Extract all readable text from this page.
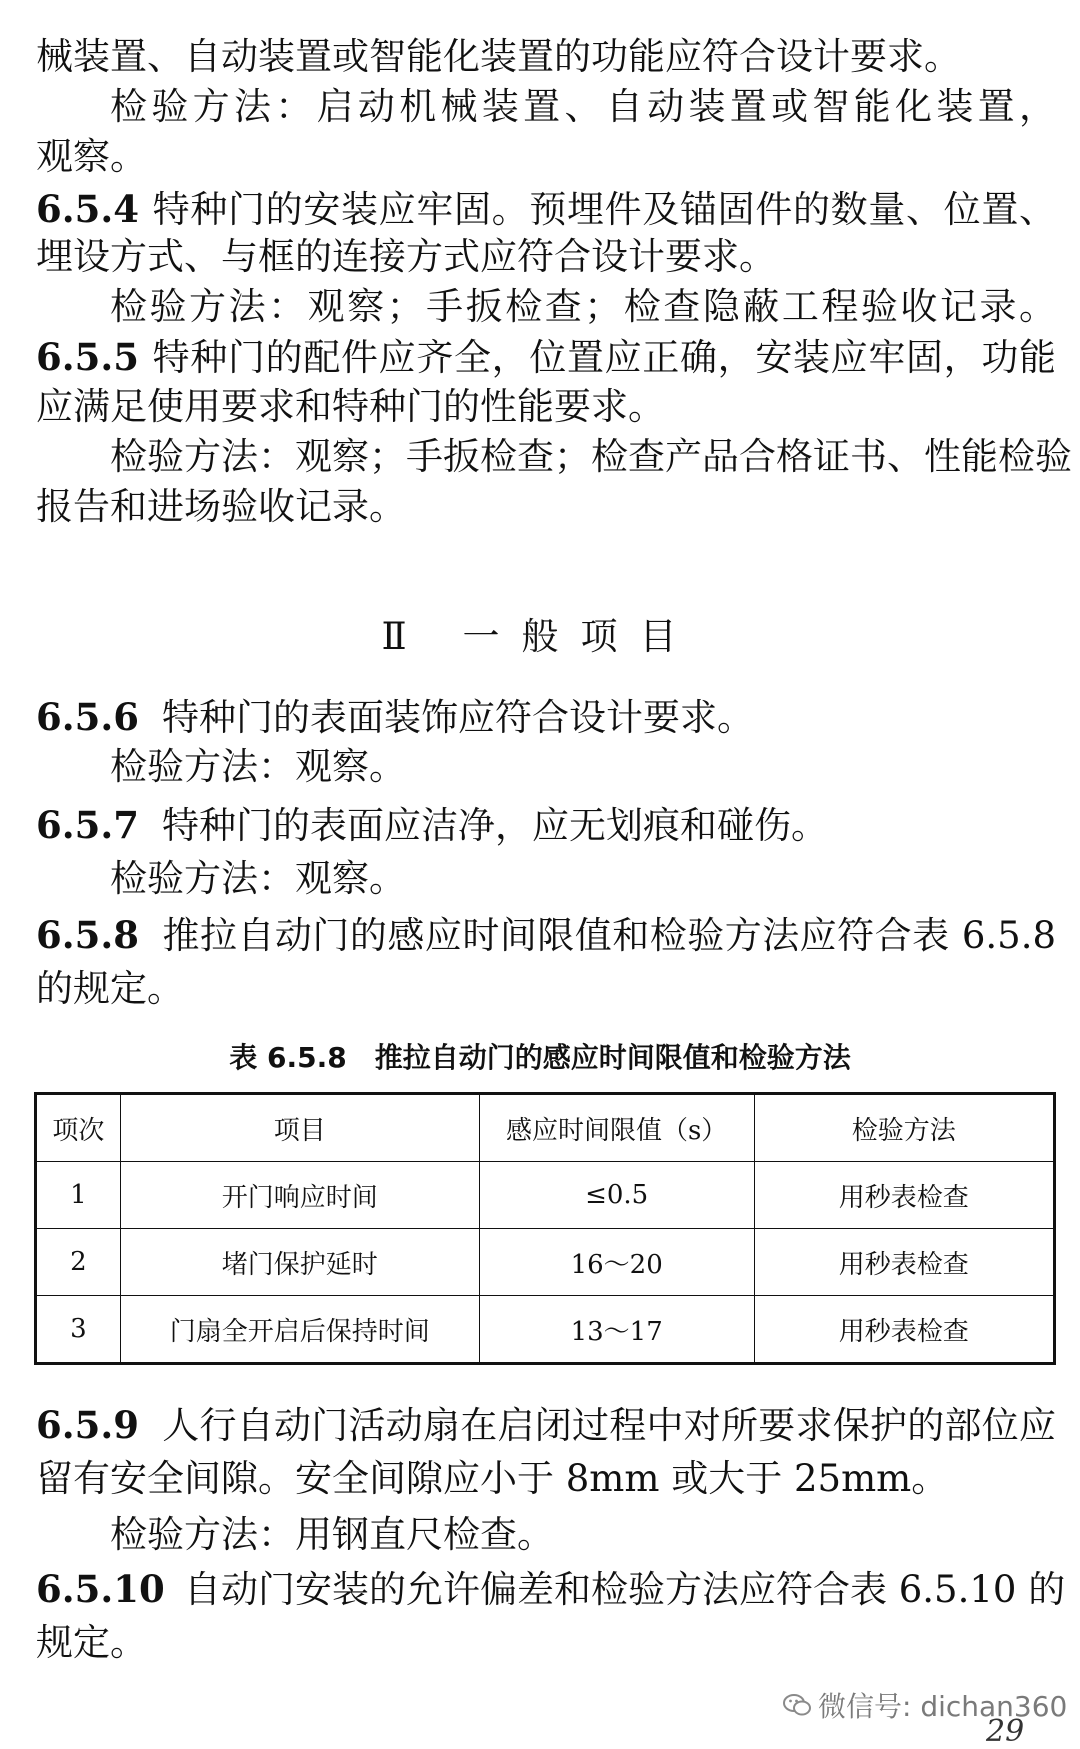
械装置、自动装置或智能化装置的功能应符合设计要求。
检验方法：启动机械装置、自动装置或智能化装置，
观察。
6.5.4 特种门的安装应牢固。预埋件及锚固件的数量、位置、
埋设方式、与框的连接方式应符合设计要求。
检验方法：观察；手扳检查；检查隐蔽工程验收记录。
6.5.5 特种门的配件应齐全，位置应正确，安装应牢固，功能
应满足使用要求和特种门的性能要求。
检验方法：观察；手扳检查；检查产品合格证书、性能检验
报告和进场验收记录。
Ⅱ 一般项目
6.5.6 特种门的表面装饰应符合设计要求。
检验方法：观察。
6.5.7 特种门的表面应洁净，应无划痕和碰伤。
检验方法：观察。
6.5.8 推拉自动门的感应时间限值和检验方法应符合表 6.5.8
的规定。
表 6.5.8　推拉自动门的感应时间限值和检验方法
项次	项目	感应时间限值（s）	检验方法
1	开门响应时间	≤0.5	用秒表检查
2	堵门保护延时	16～20	用秒表检查
3	门扇全开启后保持时间	13～17	用秒表检查
6.5.9 人行自动门活动扇在启闭过程中对所要求保护的部位应
留有安全间隙。安全间隙应小于 8mm 或大于 25mm。
检验方法：用钢直尺检查。
6.5.10 自动门安装的允许偏差和检验方法应符合表 6.5.10 的
规定。
微信号: dichan360
29
